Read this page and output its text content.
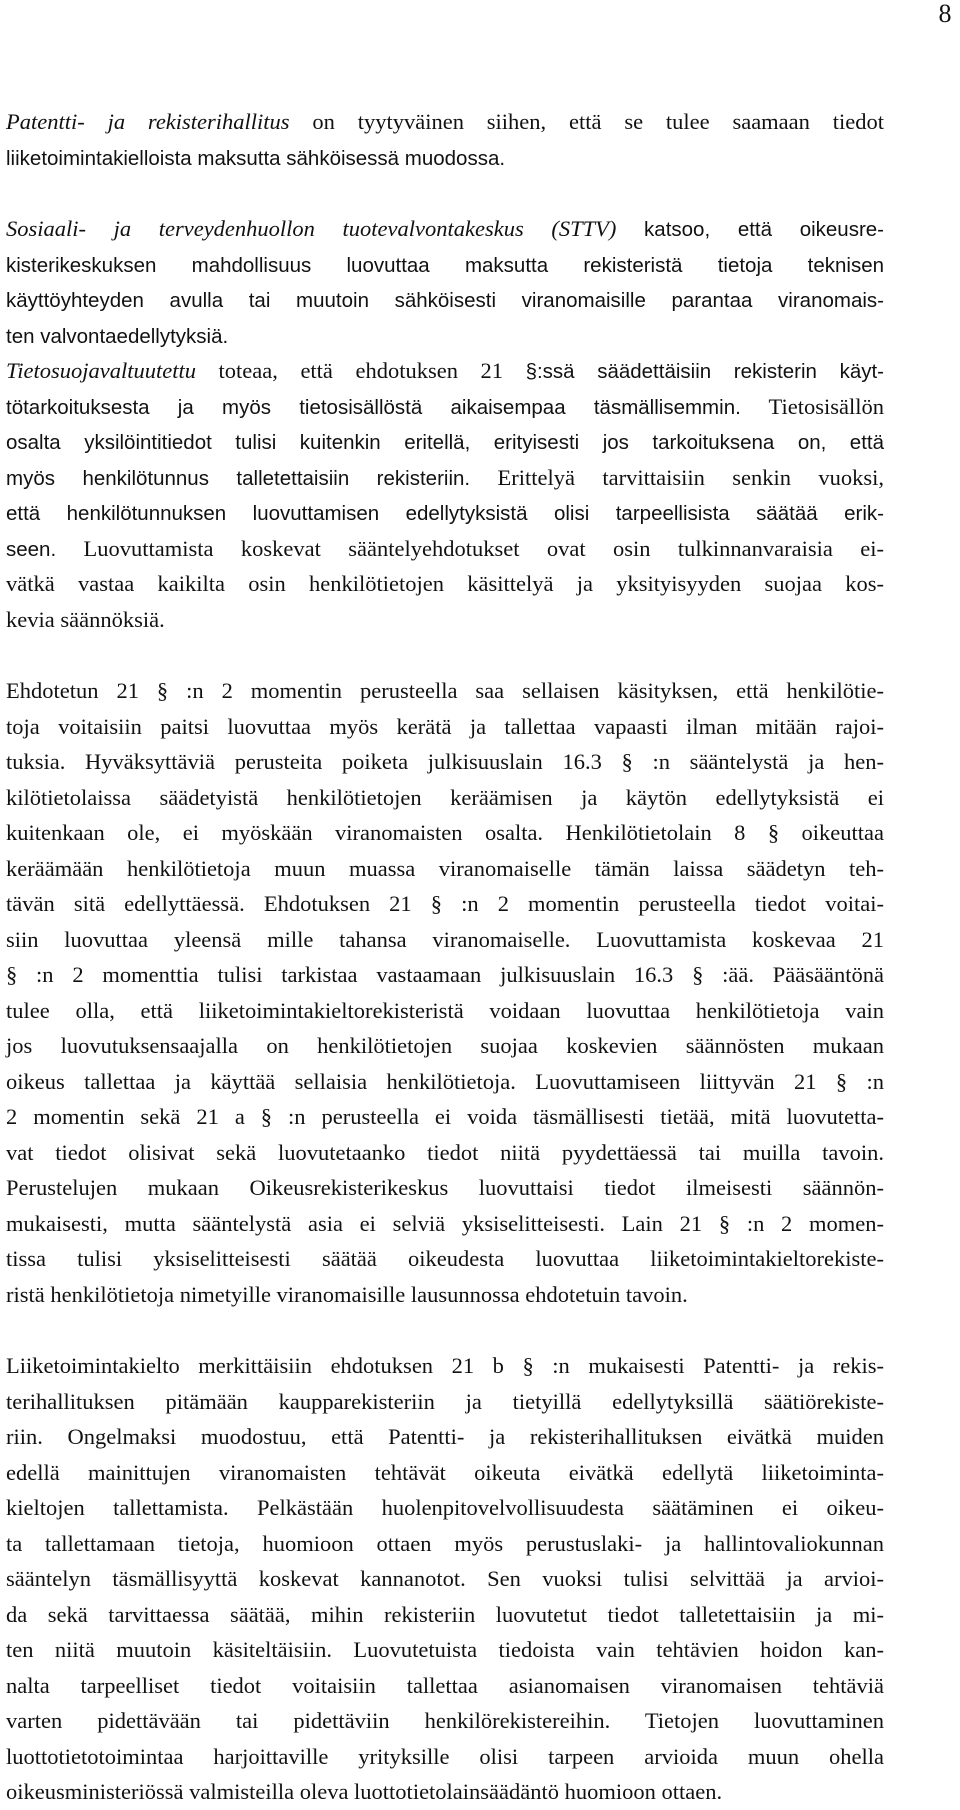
8
Patentti- ja rekisterihallitus on tyytyväinen siihen, että se tulee saamaan tiedot
liiketoimintakielloista maksutta sähköisessä muodossa.
Sosiaali- ja terveydenhuollon tuotevalvontakeskus (STTV) katsoo, että oikeusre-
kisterikeskuksen mahdollisuus luovuttaa maksutta rekisteristä tietoja teknisen
käyttöyhteyden avulla tai muutoin sähköisesti viranomaisille parantaa viranomais-
ten valvontaedellytyksiä.
Tietosuojavaltuutettu toteaa, että ehdotuksen 21 §:ssä säädettäisiin rekisterin käyt-
tötarkoituksesta ja myös tietosisällöstä aikaisempaa täsmällisemmin. Tietosisällön
osalta yksilöintitiedot tulisi kuitenkin eritellä, erityisesti jos tarkoituksena on, että
myös henkilötunnus talletettaisiin rekisteriin. Erittelyä tarvittaisiin senkin vuoksi,
että henkilötunnuksen luovuttamisen edellytyksistä olisi tarpeellisista säätää erik-
seen. Luovuttamista koskevat sääntelyehdotukset ovat osin tulkinnanvaraisia ei-
vätkä vastaa kaikilta osin henkilötietojen käsittelyä ja yksityisyyden suojaa kos-
kevia säännöksiä.
Ehdotetun 21 § :n 2 momentin perusteella saa sellaisen käsityksen, että henkilötie-
toja voitaisiin paitsi luovuttaa myös kerätä ja tallettaa vapaasti ilman mitään rajoi-
tuksia. Hyväksyttäviä perusteita poiketa julkisuuslain 16.3 § :n sääntelystä ja hen-
kilötietolaissa säädetyistä henkilötietojen keräämisen ja käytön edellytyksistä ei
kuitenkaan ole, ei myöskään viranomaisten osalta. Henkilötietolain 8 § oikeuttaa
keräämään henkilötietoja muun muassa viranomaiselle tämän laissa säädetyn teh-
tävän sitä edellyttäessä. Ehdotuksen 21 § :n 2 momentin perusteella tiedot voitai-
siin luovuttaa yleensä mille tahansa viranomaiselle. Luovuttamista koskevaa 21
§ :n 2 momenttia tulisi tarkistaa vastaamaan julkisuuslain 16.3 § :ää. Pääsääntönä
tulee olla, että liiketoimintakieltorekisteristä voidaan luovuttaa henkilötietoja vain
jos luovutuksensaajalla on henkilötietojen suojaa koskevien säännösten mukaan
oikeus tallettaa ja käyttää sellaisia henkilötietoja. Luovuttamiseen liittyvän 21 § :n
2 momentin sekä 21 a § :n perusteella ei voida täsmällisesti tietää, mitä luovutetta-
vat tiedot olisivat sekä luovutetaanko tiedot niitä pyydettäessä tai muilla tavoin.
Perustelujen mukaan Oikeusrekisterikeskus luovuttaisi tiedot ilmeisesti säännön-
mukaisesti, mutta sääntelystä asia ei selviä yksiselitteisesti. Lain 21 § :n 2 momen-
tissa tulisi yksiselitteisesti säätää oikeudesta luovuttaa liiketoimintakieltorekiste-
ristä henkilötietoja nimetyille viranomaisille lausunnossa ehdotetuin tavoin.
Liiketoimintakielto merkittäisiin ehdotuksen 21 b § :n mukaisesti Patentti- ja rekis-
terihallituksen pitämään kaupparekisteriin ja tietyillä edellytyksillä säätiörekiste-
riin. Ongelmaksi muodostuu, että Patentti- ja rekisterihallituksen eivätkä muiden
edellä mainittujen viranomaisten tehtävät oikeuta eivätkä edellytä liiketoiminta-
kieltojen tallettamista. Pelkästään huolenpitovelvollisuudesta säätäminen ei oikeu-
ta tallettamaan tietoja, huomioon ottaen myös perustuslaki- ja hallintovaliokunnan
sääntelyn täsmällisyyttä koskevat kannanotot. Sen vuoksi tulisi selvittää ja arvioi-
da sekä tarvittaessa säätää, mihin rekisteriin luovutetut tiedot talletettaisiin ja mi-
ten niitä muutoin käsiteltäisiin. Luovutetuista tiedoista vain tehtävien hoidon kan-
nalta tarpeelliset tiedot voitaisiin tallettaa asianomaisen viranomaisen tehtäviä
varten pidettävään tai pidettäviin henkilörekistereihin. Tietojen luovuttaminen
luottotietotoimintaa harjoittaville yrityksille olisi tarpeen arvioida muun ohella
oikeusministeriössä valmisteilla oleva luottotietolainsäädäntö huomioon ottaen.
